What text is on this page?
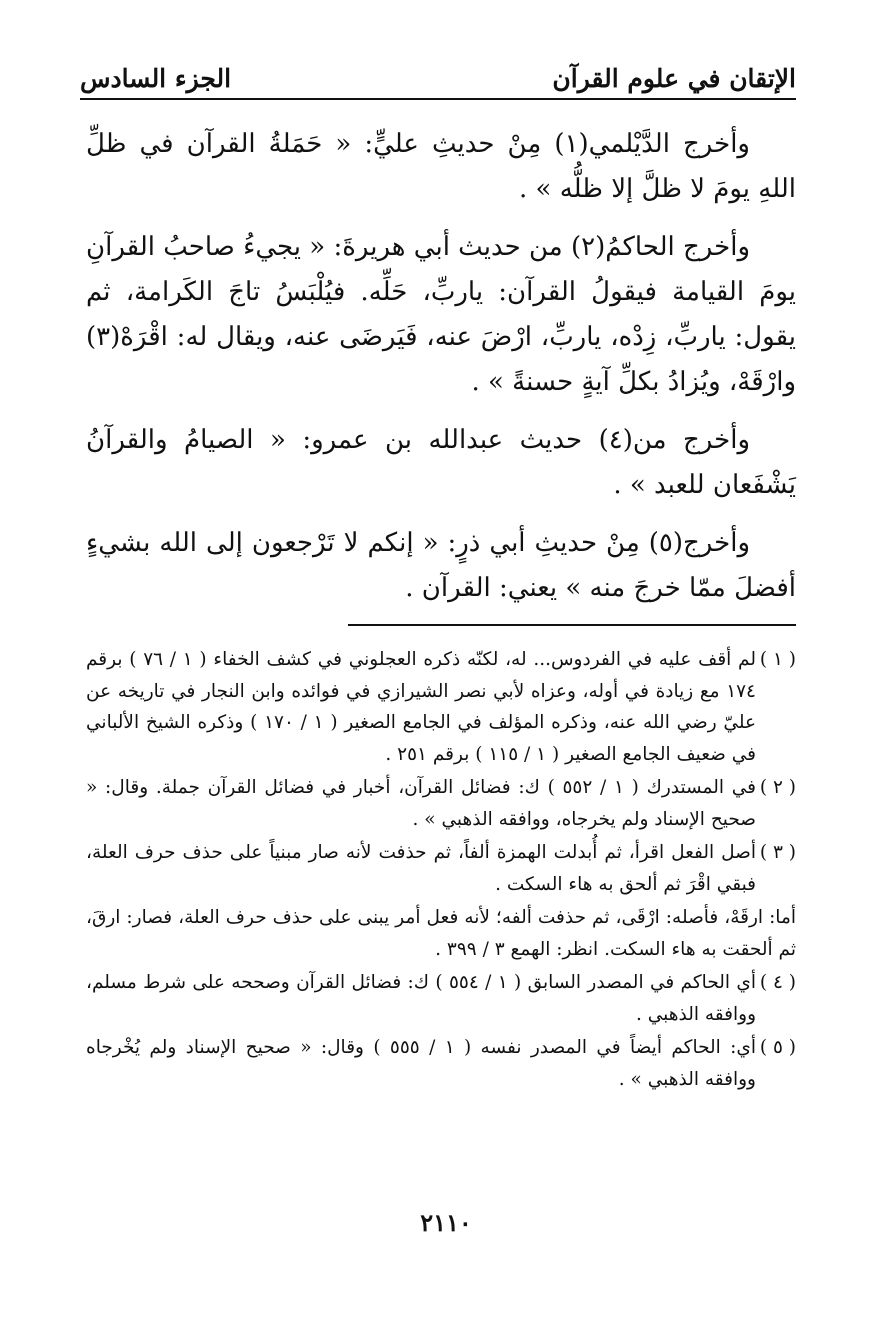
الإتقان في علوم القرآن
الجزء السادس

وأخرج الدَّيْلمي(١) مِنْ حديثِ عليٍّ: « حَمَلةُ القرآن في ظلِّ اللهِ يومَ لا ظلَّ إلا ظلُّه » .

وأخرج الحاكمُ(٢) من حديث أبي هريرةَ: « يجيءُ صاحبُ القرآنِ يومَ القيامة فيقولُ القرآن: ياربِّ، حَلِّه. فيُلْبَسُ تاجَ الكَرامة، ثم يقول: ياربِّ، زِدْه، ياربِّ، ارْضَ عنه، فَيَرضَى عنه، ويقال له: اقْرَهْ(٣) وارْقَهْ، ويُزادُ بكلِّ آيةٍ حسنةً » .

وأخرج من(٤) حديث عبدالله بن عمرو: « الصيامُ والقرآنُ يَشْفَعان للعبد » .

وأخرج(٥) مِنْ حديثِ أبي ذرٍ: « إنكم لا تَرْجعون إلى الله بشيءٍ أفضلَ ممّا خرجَ منه » يعني: القرآن .

( ١ )لم أقف عليه في الفردوس... له، لكنّه ذكره العجلوني في كشف الخفاء ( ١ / ٧٦ ) برقم ١٧٤ مع زيادة في أوله، وعزاه لأبي نصر الشيرازي في فوائده وابن النجار في تاريخه عن عليّ رضي الله عنه، وذكره المؤلف في الجامع الصغير ( ١ / ١٧٠ ) وذكره الشيخ الألباني في ضعيف الجامع الصغير ( ١ / ١١٥ ) برقم ٢٥١ .

( ٢ )في المستدرك ( ١ / ٥٥٢ ) ك: فضائل القرآن، أخبار في فضائل القرآن جملة. وقال: « صحيح الإسناد ولم يخرجاه، ووافقه الذهبي » .

( ٣ )أصل الفعل اقرأ، ثم أُبدلت الهمزة ألفاً، ثم حذفت لأنه صار مبنياً على حذف حرف العلة، فبقي اقْرَ ثم ألحق به هاء السكت .

أما: ارقَهْ، فأصله: ارْقَى، ثم حذفت ألفه؛ لأنه فعل أمر يبنى على حذف حرف العلة، فصار: ارقَ، ثم ألحقت به هاء السكت. انظر: الهمع ٣ / ٣٩٩ .

( ٤ )أي الحاكم في المصدر السابق ( ١ / ٥٥٤ ) ك: فضائل القرآن وصححه على شرط مسلم، ووافقه الذهبي .

( ٥ )أي: الحاكم أيضاً في المصدر نفسه ( ١ / ٥٥٥ ) وقال: « صحيح الإسناد ولم يُخْرجاه ووافقه الذهبي » .

٢١١٠
